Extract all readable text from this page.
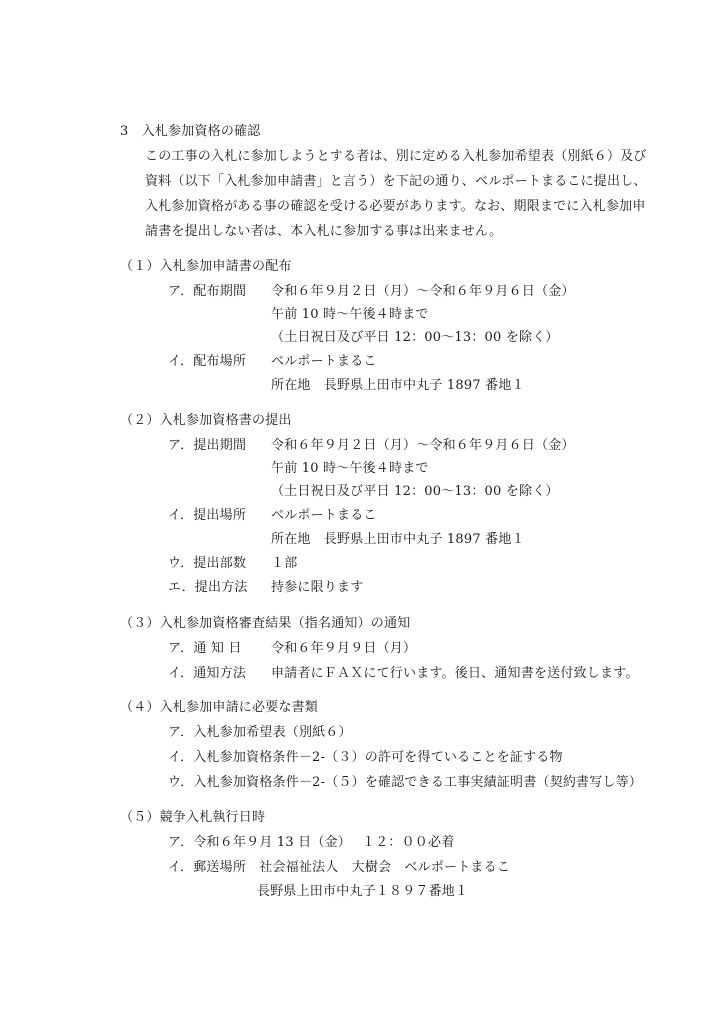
3　入札参加資格の確認
この工事の入札に参加しようとする者は、別に定める入札参加希望表（別紙６）及び
資料（以下「入札参加申請書」と言う）を下記の通り、ベルポートまるこに提出し、
入札参加資格がある事の確認を受ける必要があります。なお、期限までに入札参加申
請書を提出しない者は、本入札に参加する事は出来ません。
（１）入札参加申請書の配布
ア．配布期間 令和６年９月２日（月）～令和６年９月６日（金）
午前 10 時～午後４時まで
（土日祝日及び平日 12：00～13：00 を除く）
イ．配布場所 ベルポートまるこ
所在地　長野県上田市中丸子 1897 番地１
（２）入札参加資格書の提出
ア．提出期間 令和６年９月２日（月）～令和６年９月６日（金）
午前 10 時～午後４時まで
（土日祝日及び平日 12：00～13：00 を除く）
イ．提出場所 ベルポートまるこ
所在地　長野県上田市中丸子 1897 番地１
ウ．提出部数 １部
エ．提出方法 持参に限ります
（３）入札参加資格審査結果（指名通知）の通知
ア．通 知 日 令和６年９月９日（月）
イ．通知方法 申請者にＦＡＸにて行います。後日、通知書を送付致します。
（４）入札参加申請に必要な書類
ア．入札参加希望表（別紙６）
イ．入札参加資格条件－2-（３）の許可を得ていることを証する物
ウ．入札参加資格条件－2-（５）を確認できる工事実績証明書（契約書写し等）
（５）競争入札執行日時
ア．令和６年９月 13 日（金）　 １２：００必着
イ．郵送場所　社会福祉法人　大樹会　ベルポートまるこ
長野県上田市中丸子１８９７番地１
